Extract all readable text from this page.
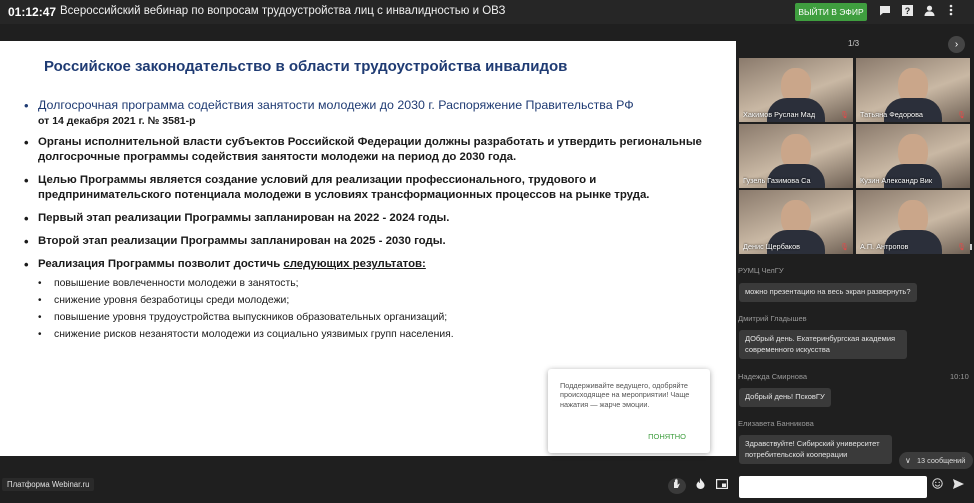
01:12:47 Всероссийский вебинар по вопросам трудоустройства лиц с инвалидностью и ОВЗ	ВЫЙТИ В ЭФИР	?
Российское законодательство в области трудоустройства инвалидов
• Долгосрочная программа содействия занятости молодежи до 2030 г. Распоряжение Правительства РФ
от 14 декабря 2021 г. № 3581-р
• Органы исполнительной власти субъектов Российской Федерации должны разработать и утвердить региональные долгосрочные программы содействия занятости молодежи на период до 2030 года.
• Целью Программы является создание условий для реализации профессионального, трудового и предпринимательского потенциала молодежи в условиях трансформационных процессов на рынке труда.
• Первый этап реализации Программы запланирован на 2022 - 2024 годы.
• Второй этап реализации Программы запланирован на 2025 - 2030 годы.
• Реализация Программы позволит достичь следующих результатов:
• повышение вовлеченности молодежи в занятость;
• снижение уровня безработицы среди молодежи;
• повышение уровня трудоустройства выпускников образовательных организаций;
• снижение рисков незанятости молодежи из социально уязвимых групп населения.
Поддерживайте ведущего, одобряйте происходящее на мероприятии! Чаще нажатия — жарче эмоции.
ПОНЯТНО
Платформа Webinar.ru
1/3	›
Хакимов Руслан Мад	🎙 Татьяна Федорова	🎙
Гузель Газимова Са	Кузин Александр Вик
Денис Щербаков	🎙 А.П. Антропов	🎙
РУМЦ ЧелГУ
можно презентацию на весь экран развернуть?
Дмитрий Гладышев
ДОбрый день. Екатеринбургская академия современного искусства
Надежда Смирнова	10:10
Добрый день! ПсковГУ
Елизавета Банникова
Здравствуйте! Сибирский университет потребительской кооперации
∨ 13 сообщений
